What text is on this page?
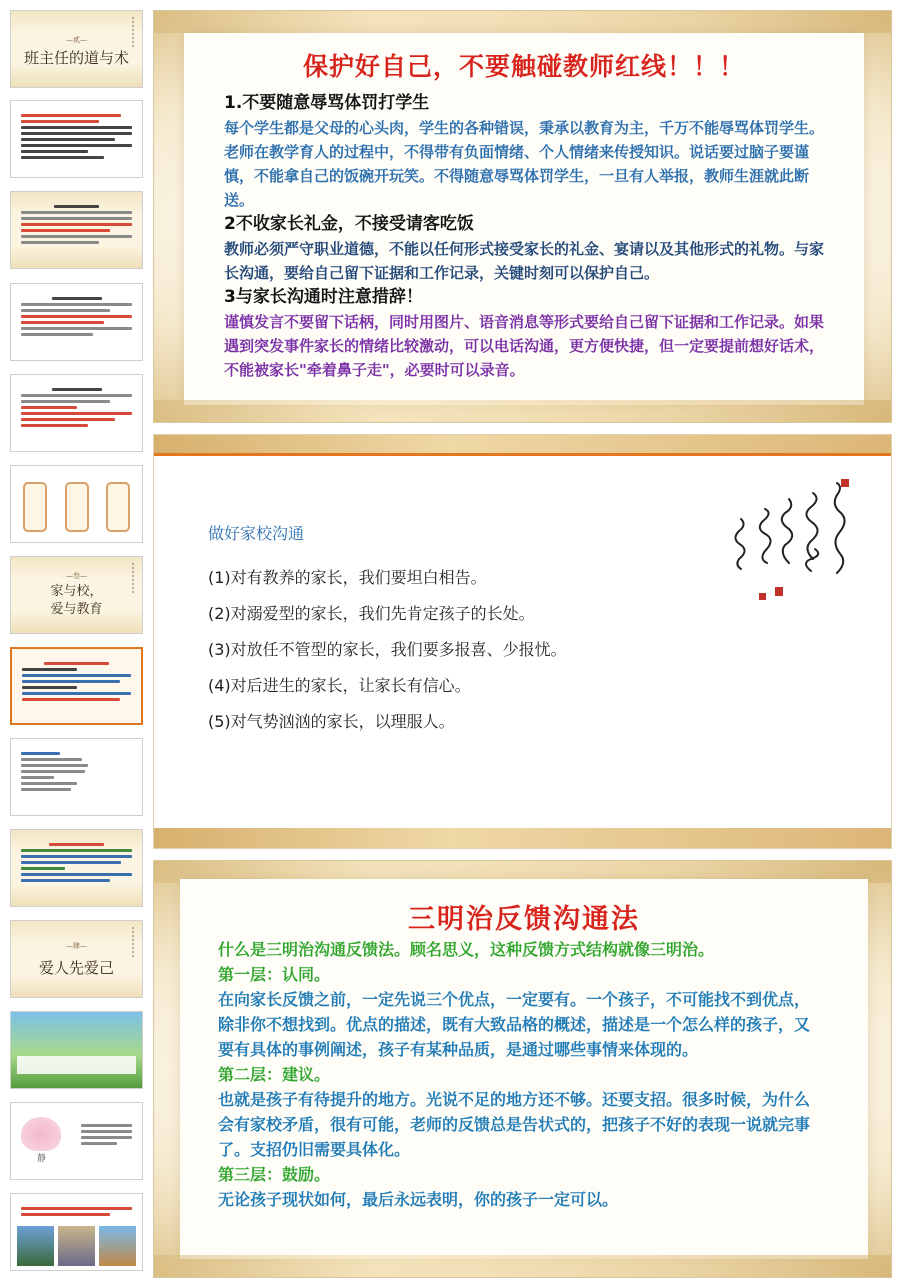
—贰—
班主任的道与术
—叁—
家与校，
爱与教育
—肆—
爱人先爱己
静
保护好自己，不要触碰教师红线！！！
1.不要随意辱骂体罚打学生
每个学生都是父母的心头肉，学生的各种错误，秉承以教育为主，千万不能辱骂体罚学生。老师在教学育人的过程中，不得带有负面情绪、个人情绪来传授知识。说话要过脑子要谨慎，不能拿自己的饭碗开玩笑。不得随意辱骂体罚学生，一旦有人举报，教师生涯就此断送。
2不收家长礼金，不接受请客吃饭
教师必须严守职业道德，不能以任何形式接受家长的礼金、宴请以及其他形式的礼物。与家长沟通，要给自己留下证据和工作记录，关键时刻可以保护自己。
3与家长沟通时注意措辞！
谨慎发言不要留下话柄，同时用图片、语音消息等形式要给自己留下证据和工作记录。如果遇到突发事件家长的情绪比较激动，可以电话沟通，更方便快捷，但一定要提前想好话术，不能被家长"牵着鼻子走"，必要时可以录音。
做好家校沟通
(1)对有教养的家长，我们要坦白相告。
(2)对溺爱型的家长，我们先肯定孩子的长处。
(3)对放任不管型的家长，我们要多报喜、少报忧。
(4)对后进生的家长，让家长有信心。
(5)对气势汹汹的家长，以理服人。
三明治反馈沟通法
什么是三明治沟通反馈法。顾名思义，这种反馈方式结构就像三明治。
第一层：认同。
在向家长反馈之前，一定先说三个优点，一定要有。一个孩子，不可能找不到优点，除非你不想找到。优点的描述，既有大致品格的概述，描述是一个怎么样的孩子，又要有具体的事例阐述，孩子有某种品质，是通过哪些事情来体现的。
第二层：建议。
也就是孩子有待提升的地方。光说不足的地方还不够。还要支招。很多时候，为什么会有家校矛盾，很有可能，老师的反馈总是告状式的，把孩子不好的表现一说就完事了。支招仍旧需要具体化。
第三层：鼓励。
无论孩子现状如何，最后永远表明，你的孩子一定可以。
